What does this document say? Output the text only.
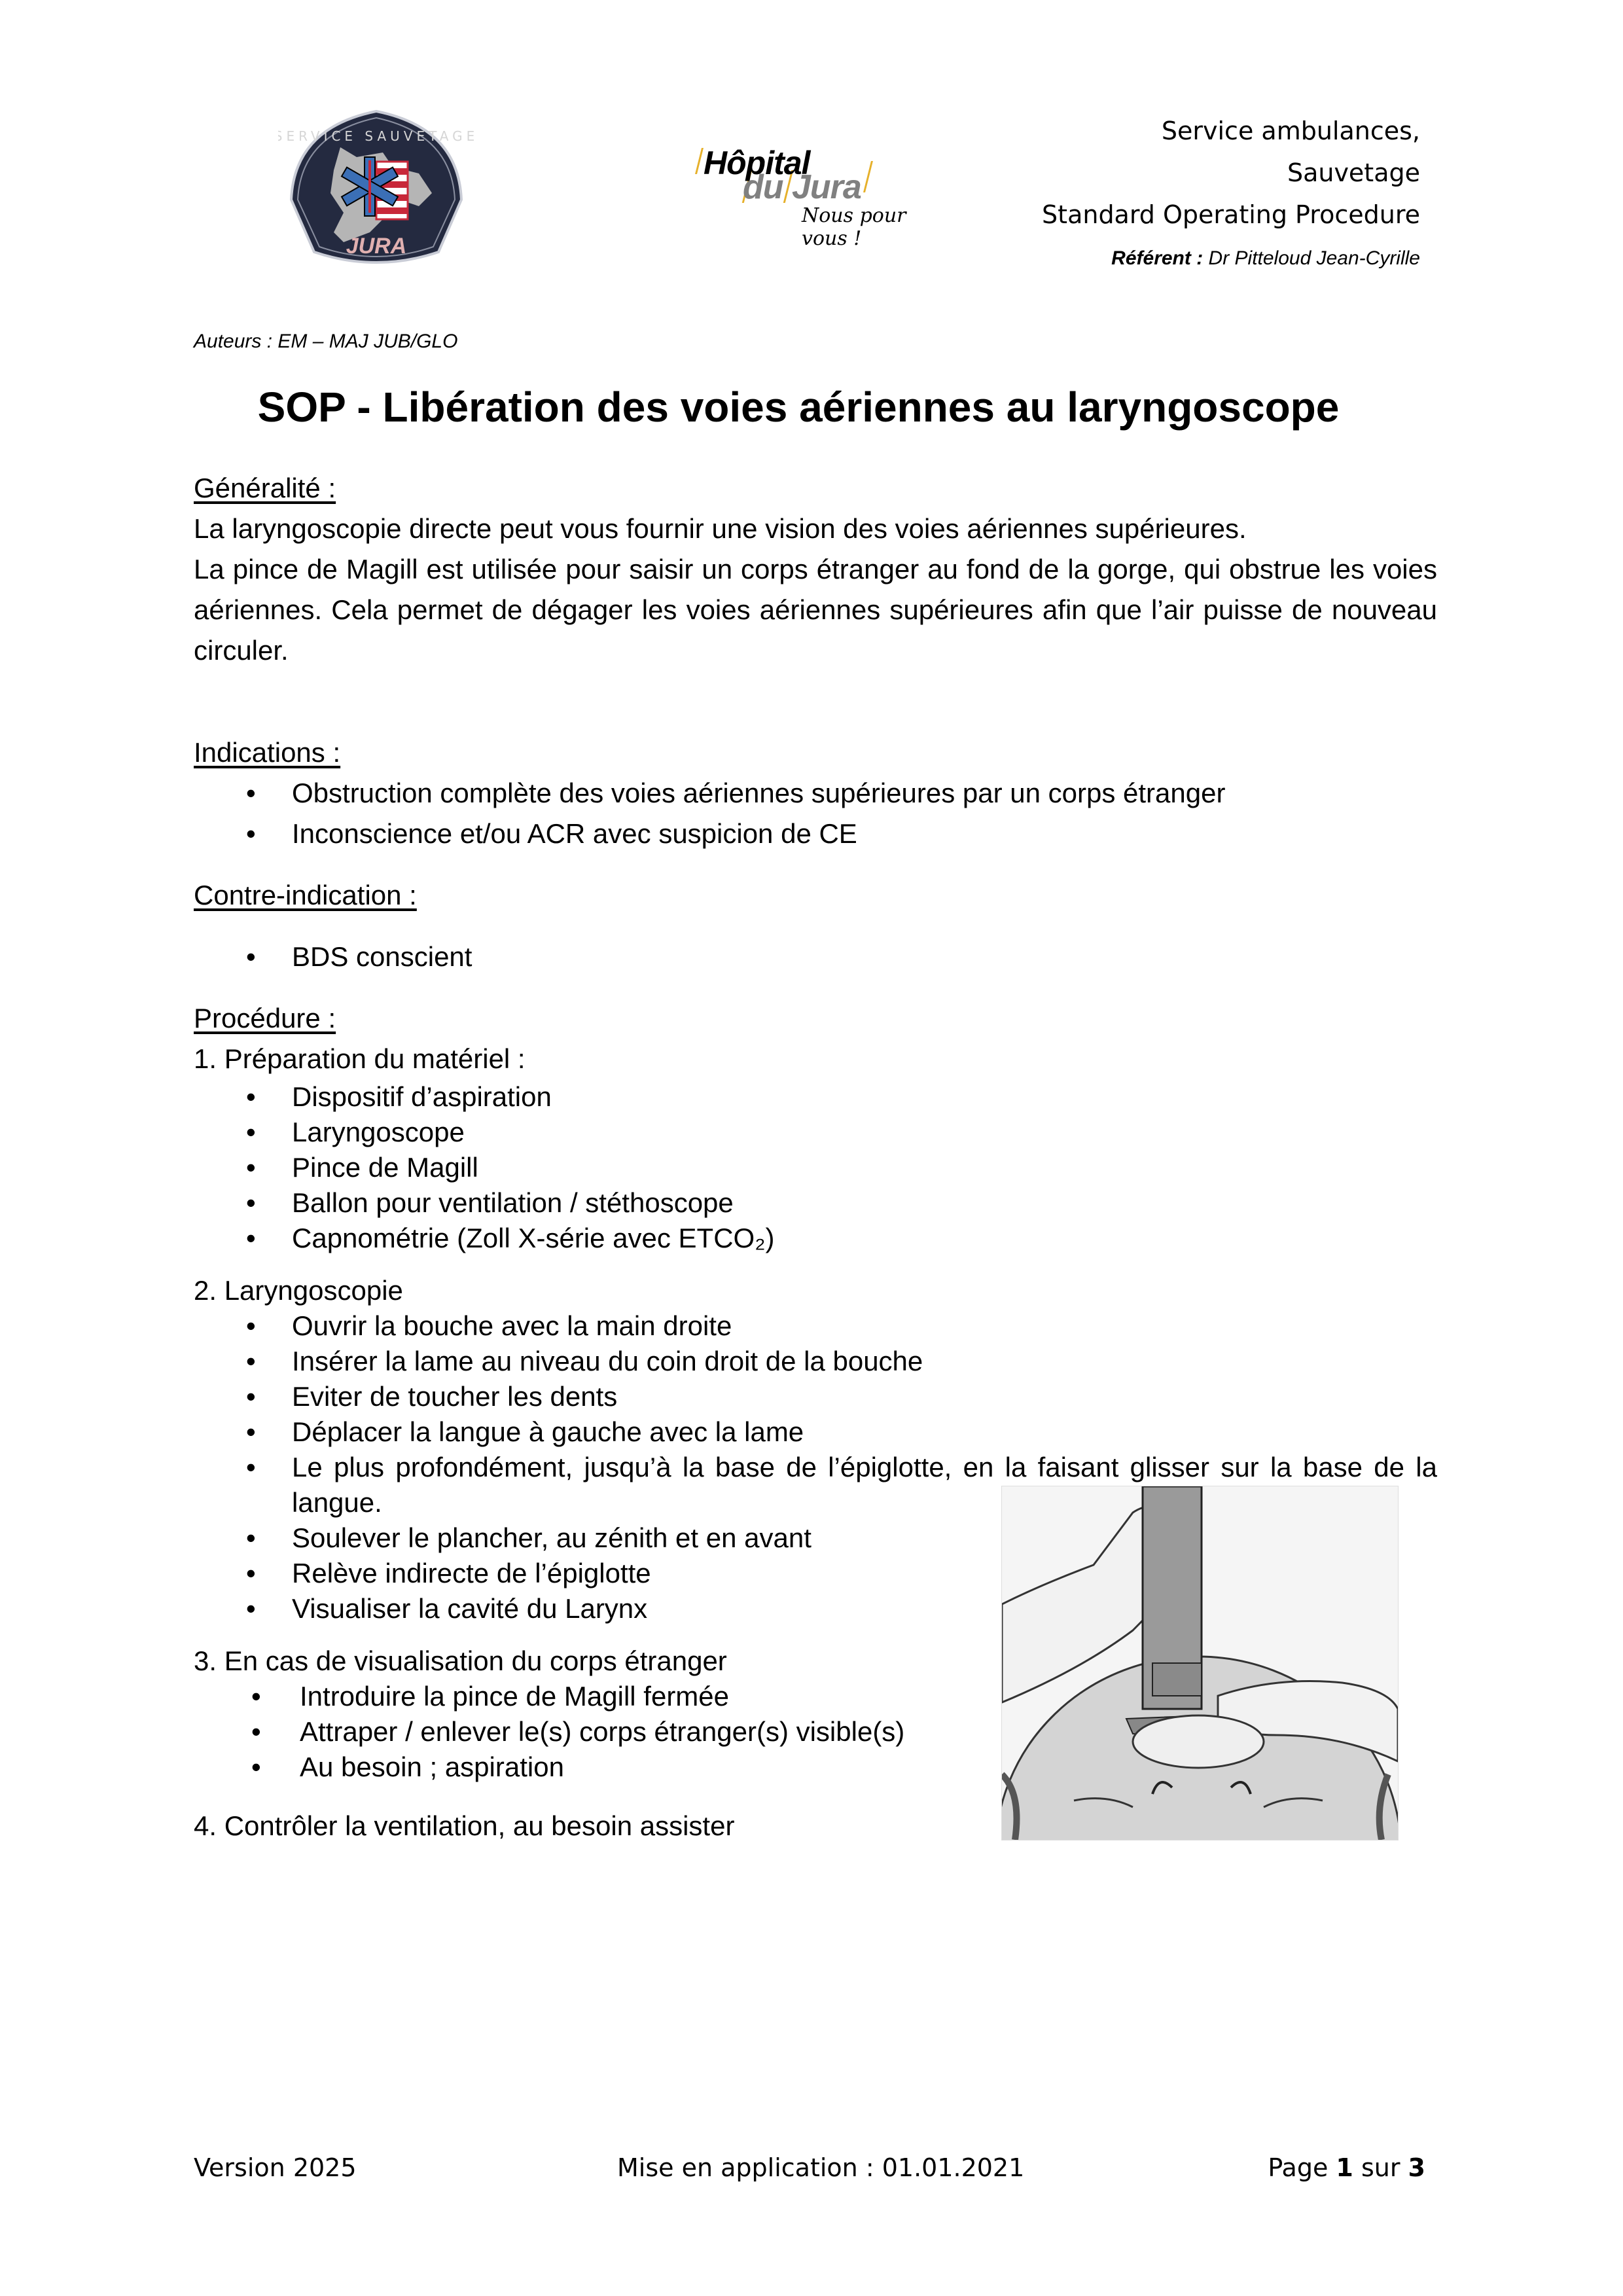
SERVICE SAUVETAGE
JURA
Hôpital
du Jura
Nous pour vous !
Service ambulances,
Sauvetage
Standard Operating Procedure
Référent : Dr Pitteloud Jean-Cyrille
Auteurs : EM – MAJ JUB/GLO
SOP - Libération des voies aériennes au laryngoscope
Généralité :
La laryngoscopie directe peut vous fournir une vision des voies aériennes supérieures.
La pince de Magill est utilisée pour saisir un corps étranger au fond de la gorge, qui obstrue les voies aériennes. Cela permet de dégager les voies aériennes supérieures afin que l’air puisse de nouveau circuler.
Indications :
• Obstruction complète des voies aériennes supérieures par un corps étranger
• Inconscience et/ou ACR avec suspicion de CE
Contre-indication :
• BDS conscient
Procédure :
1. Préparation du matériel :
• Dispositif d’aspiration
• Laryngoscope
• Pince de Magill
• Ballon pour ventilation / stéthoscope
• Capnométrie (Zoll X-série avec ETCO₂)
2. Laryngoscopie
• Ouvrir la bouche avec la main droite
• Insérer la lame au niveau du coin droit de la bouche
• Eviter de toucher les dents
• Déplacer la langue à gauche avec la lame
• Le plus profondément, jusqu’à la base de l’épiglotte, en la faisant glisser sur la base de la langue.
• Soulever le plancher, au zénith et en avant
• Relève indirecte de l’épiglotte
• Visualiser la cavité du Larynx
3. En cas de visualisation du corps étranger
• Introduire la pince de Magill fermée
• Attraper / enlever le(s) corps étranger(s) visible(s)
• Au besoin ; aspiration
4. Contrôler la ventilation, au besoin assister
Version 2025	Mise en application : 01.01.2021	Page 1 sur 3
